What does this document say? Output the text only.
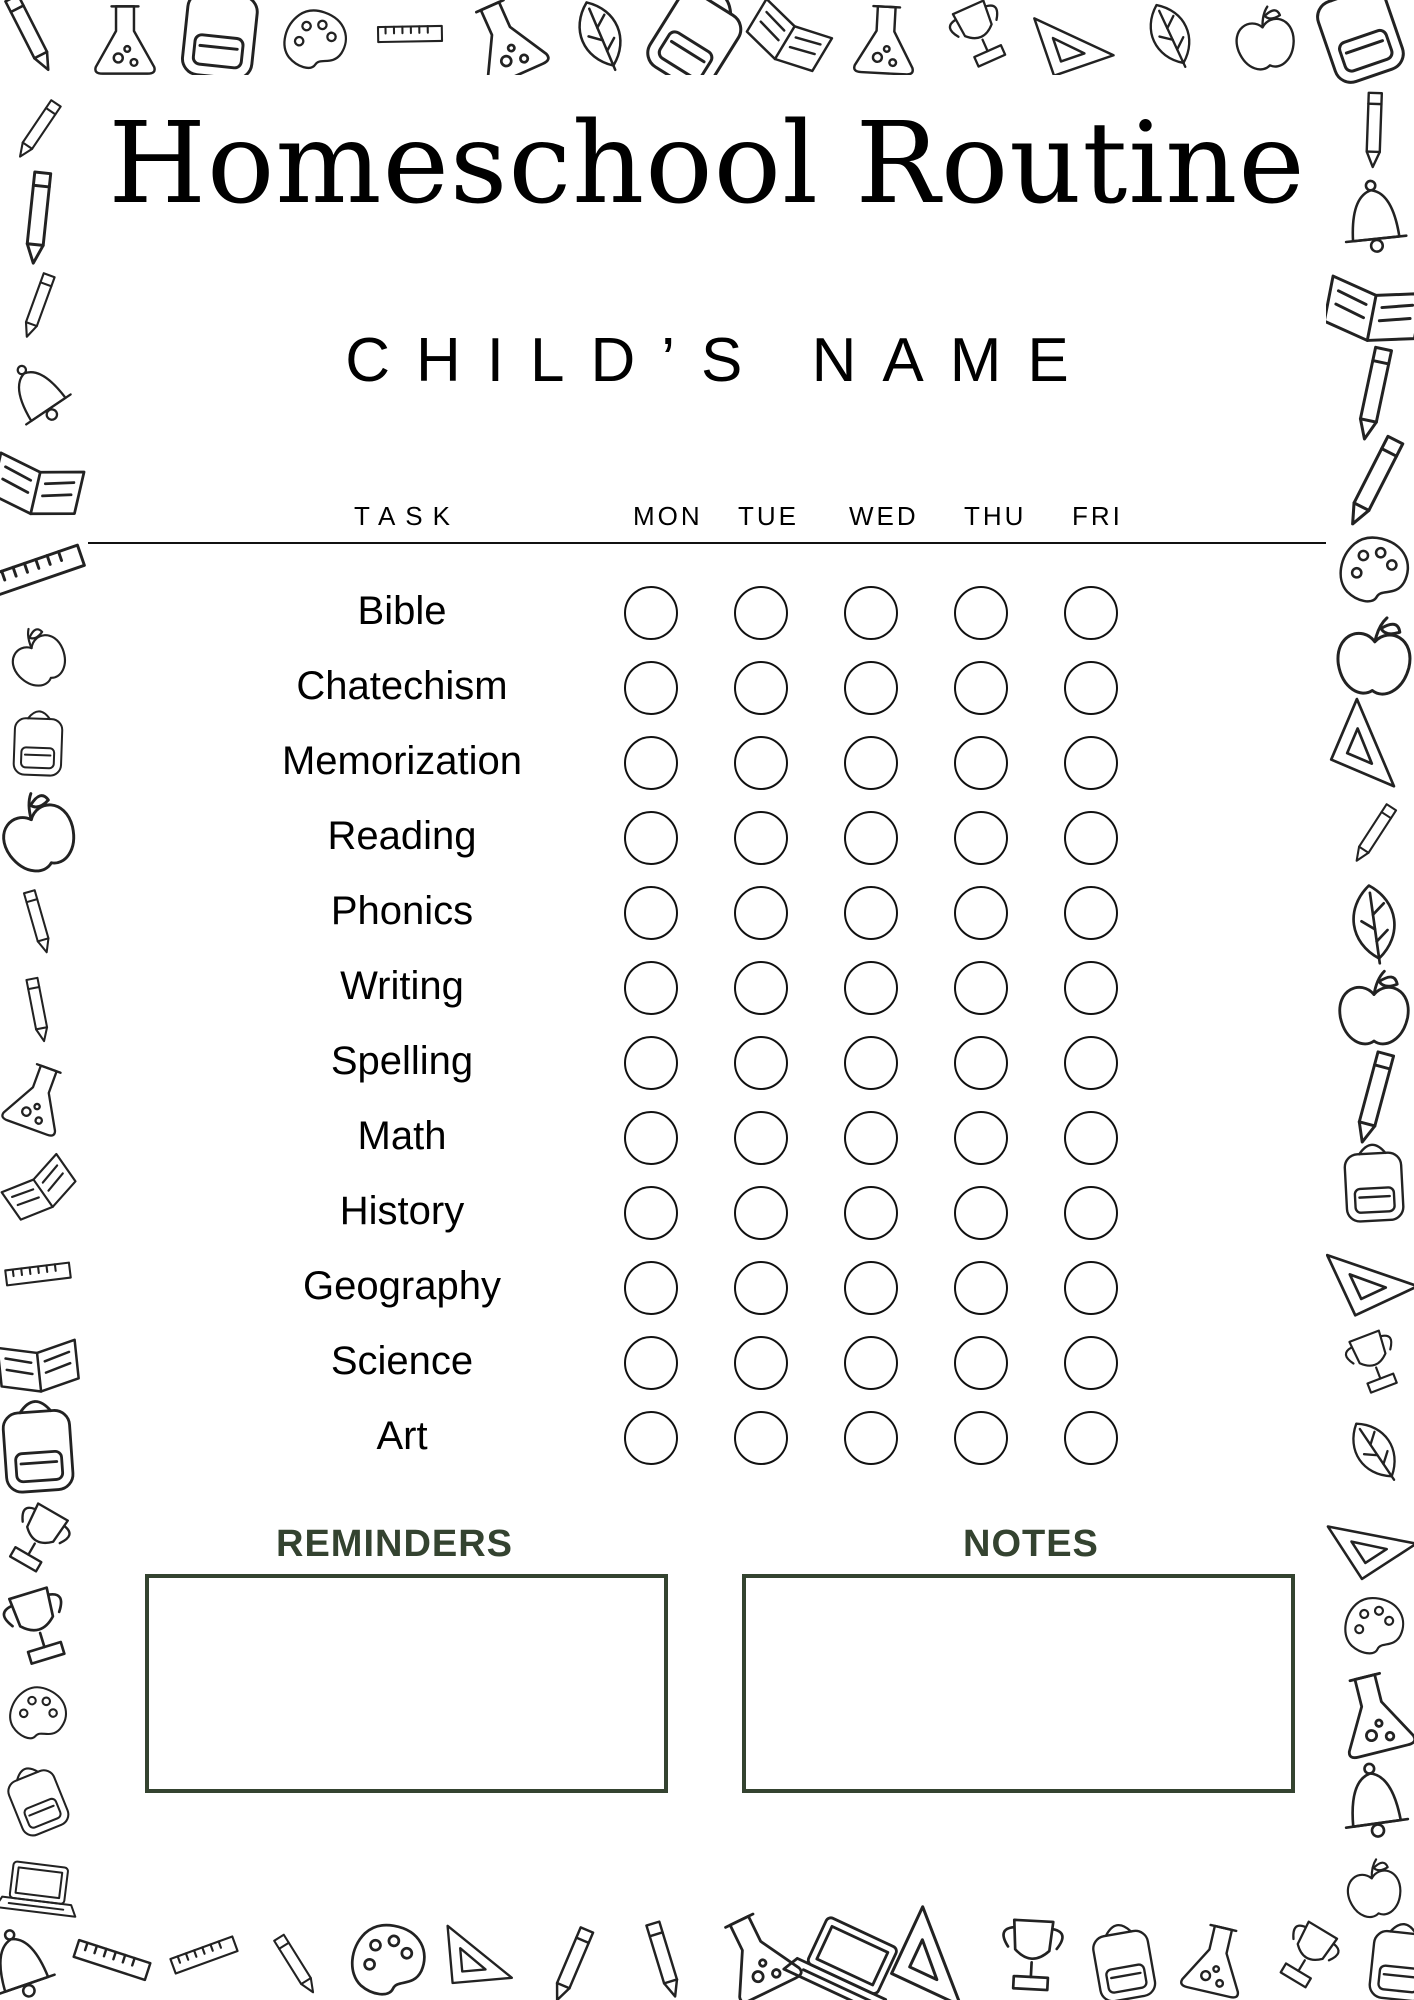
Homeschool Routine
CHILD’S NAME
TASK	MON TUE WED THU FRI
Bible
Chatechism
Memorization
Reading
Phonics
Writing
Spelling
Math
History
Geography
Science
Art
REMINDERS	NOTES
